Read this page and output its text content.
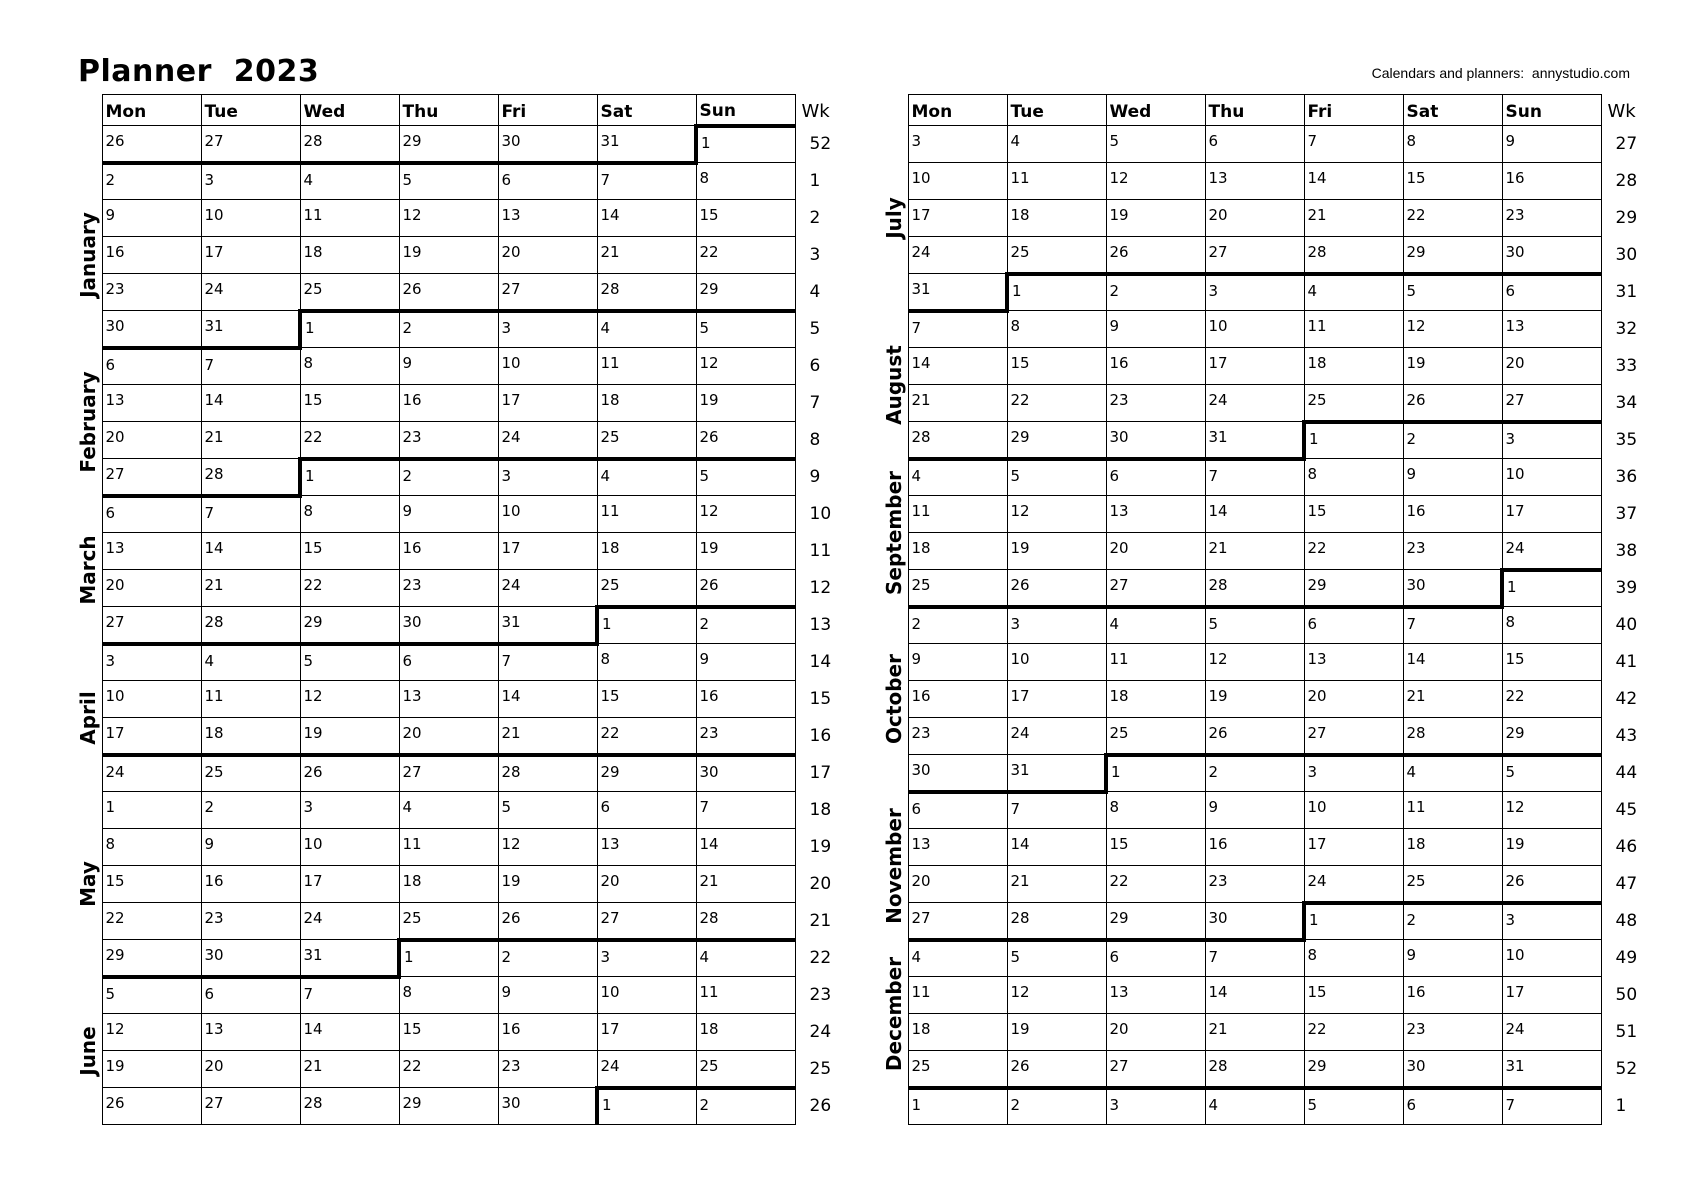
Planner  2023	Calendars and planners:  annystudio.com
	Mon	Tue	Wed	Thu	Fri	Sat	Sun	Wk
	26	27	28	29	30	31	1	52

January	2	3	4	5	6	7	8	1
	9	10	11	12	13	14	15	2
	16	17	18	19	20	21	22	3
	23	24	25	26	27	28	29	4
	30	31	1	2	3	4	5	5

February	6	7	8	9	10	11	12	6
	13	14	15	16	17	18	19	7
	20	21	22	23	24	25	26	8
	27	28	1	2	3	4	5	9

March	6	7	8	9	10	11	12	10
	13	14	15	16	17	18	19	11
	20	21	22	23	24	25	26	12
	27	28	29	30	31	1	2	13

April	3	4	5	6	7	8	9	14
	10	11	12	13	14	15	16	15
	17	18	19	20	21	22	23	16
	24	25	26	27	28	29	30	17

May	1	2	3	4	5	6	7	18
	8	9	10	11	12	13	14	19
	15	16	17	18	19	20	21	20
	22	23	24	25	26	27	28	21
	29	30	31	1	2	3	4	22

June	5	6	7	8	9	10	11	23
	12	13	14	15	16	17	18	24
	19	20	21	22	23	24	25	25
	26	27	28	29	30	1	2	26
	Mon	Tue	Wed	Thu	Fri	Sat	Sun	Wk

July	3	4	5	6	7	8	9	27
	10	11	12	13	14	15	16	28
	17	18	19	20	21	22	23	29
	24	25	26	27	28	29	30	30
	31	1	2	3	4	5	6	31

August	7	8	9	10	11	12	13	32
	14	15	16	17	18	19	20	33
	21	22	23	24	25	26	27	34
	28	29	30	31	1	2	3	35

September	4	5	6	7	8	9	10	36
	11	12	13	14	15	16	17	37
	18	19	20	21	22	23	24	38
	25	26	27	28	29	30	1	39

October	2	3	4	5	6	7	8	40
	9	10	11	12	13	14	15	41
	16	17	18	19	20	21	22	42
	23	24	25	26	27	28	29	43
	30	31	1	2	3	4	5	44

November	6	7	8	9	10	11	12	45
	13	14	15	16	17	18	19	46
	20	21	22	23	24	25	26	47
	27	28	29	30	1	2	3	48

December	4	5	6	7	8	9	10	49
	11	12	13	14	15	16	17	50
	18	19	20	21	22	23	24	51
	25	26	27	28	29	30	31	52
	1	2	3	4	5	6	7	1
